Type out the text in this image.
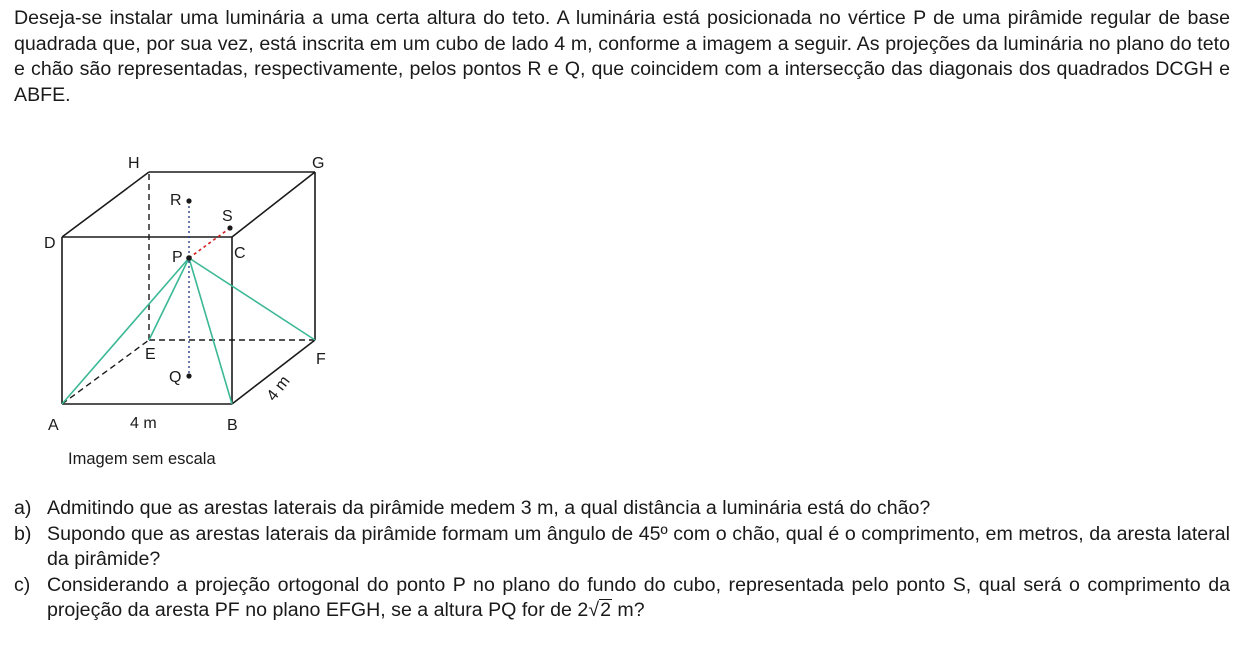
Deseja-se instalar uma luminária a uma certa altura do teto. A luminária está posicionada no vértice P de uma pirâmide regular de base quadrada que, por sua vez, está inscrita em um cubo de lado 4 m, conforme a imagem a seguir. As projeções da luminária no plano do teto e chão são representadas, respectivamente, pelos pontos R e Q, que coincidem com a intersecção das diagonais dos quadrados DCGH e ABFE.

H	G
D
C
R
S
P
E	F
Q
A	B
4 m
4 m

Imagem sem escala

a) Admitindo que as arestas laterais da pirâmide medem 3 m, a qual distância a luminária está do chão?
b) Supondo que as arestas laterais da pirâmide formam um ângulo de 45º com o chão, qual é o comprimento, em metros, da aresta lateral da pirâmide?
c) Considerando a projeção ortogonal do ponto P no plano do fundo do cubo, representada pelo ponto S, qual será o comprimento da projeção da aresta PF no plano EFGH, se a altura PQ for de 2√2 m?
